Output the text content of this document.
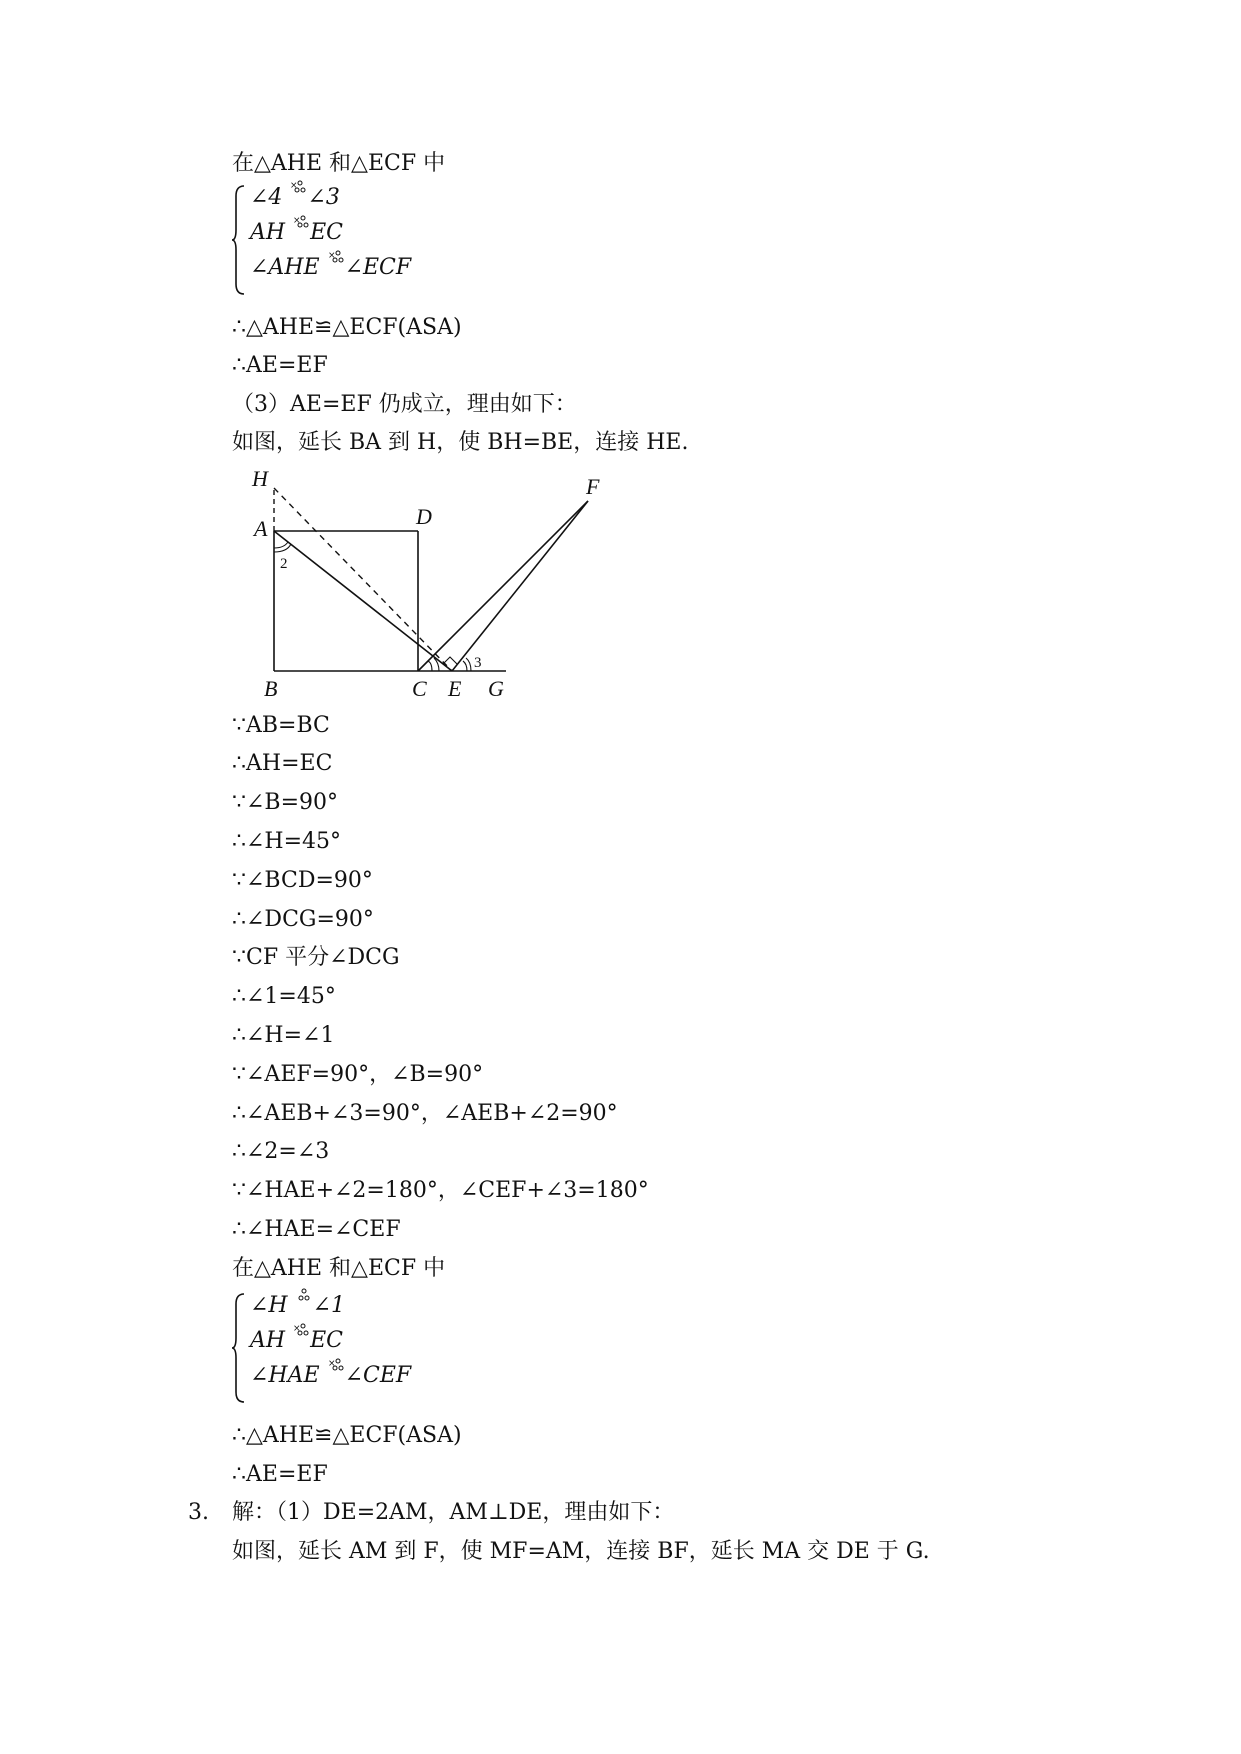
在△AHE 和△ECF 中
∠4 × ∠3
AH × EC
∠AHE × ∠ECF
∴△AHE≌△ECF(ASA)
∴AE=EF
（3）AE=EF 仍成立，理由如下：
如图，延长 BA 到 H，使 BH=BE，连接 HE.
H
A	D
F
B	C E G
2
3
∵AB=BC
∴AH=EC
∵∠B=90°
∴∠H=45°
∵∠BCD=90°
∴∠DCG=90°
∵CF 平分∠DCG
∴∠1=45°
∴∠H=∠1
∵∠AEF=90°，∠B=90°
∴∠AEB+∠3=90°，∠AEB+∠2=90°
∴∠2=∠3
∵∠HAE+∠2=180°，∠CEF+∠3=180°
∴∠HAE=∠CEF
在△AHE 和△ECF 中
∠H
∠1
AH × EC
∠HAE × ∠CEF
∴△AHE≌△ECF(ASA)
∴AE=EF
3. 解：（1）DE=2AM，AM⊥DE，理由如下：
如图，延长 AM 到 F，使 MF=AM，连接 BF，延长 MA 交 DE 于 G.
